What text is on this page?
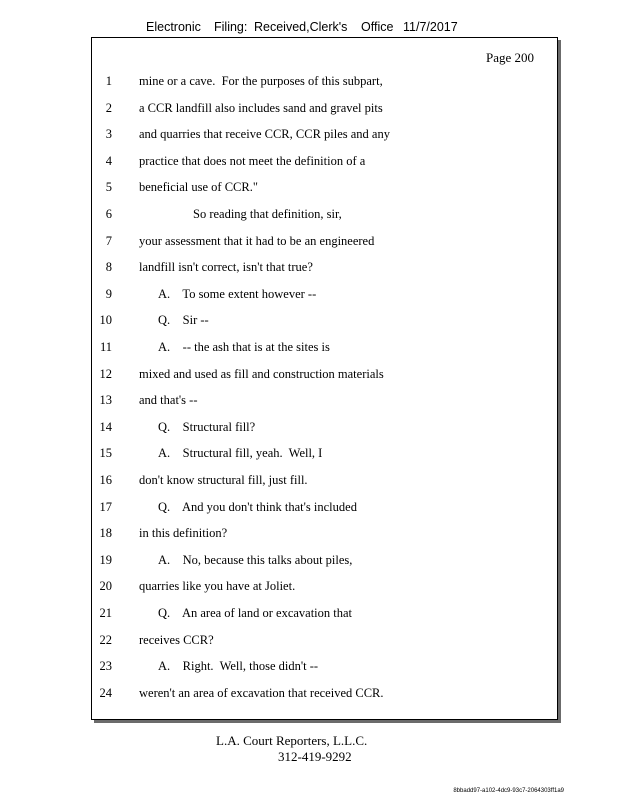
Electronic Filing: Received,Clerk's Office 11/7/2017
Page 200
1 mine or a cave.  For the purposes of this subpart,
2 a CCR landfill also includes sand and gravel pits
3 and quarries that receive CCR, CCR piles and any
4 practice that does not meet the definition of a
5 beneficial use of CCR."
6	So reading that definition, sir,
7 your assessment that it had to be an engineered
8 landfill isn't correct, isn't that true?
9	A.    To some extent however --
10	Q.    Sir --
11	A.    -- the ash that is at the sites is
12 mixed and used as fill and construction materials
13 and that's --
14	Q.    Structural fill?
15	A.    Structural fill, yeah.  Well, I
16 don't know structural fill, just fill.
17	Q.    And you don't think that's included
18 in this definition?
19	A.    No, because this talks about piles,
20 quarries like you have at Joliet.
21	Q.    An area of land or excavation that
22 receives CCR?
23	A.    Right.  Well, those didn't --
24 weren't an area of excavation that received CCR.
L.A. Court Reporters, L.L.C.
312-419-9292
8bbadd97-a102-4dc9-93c7-2064303ff1a9
